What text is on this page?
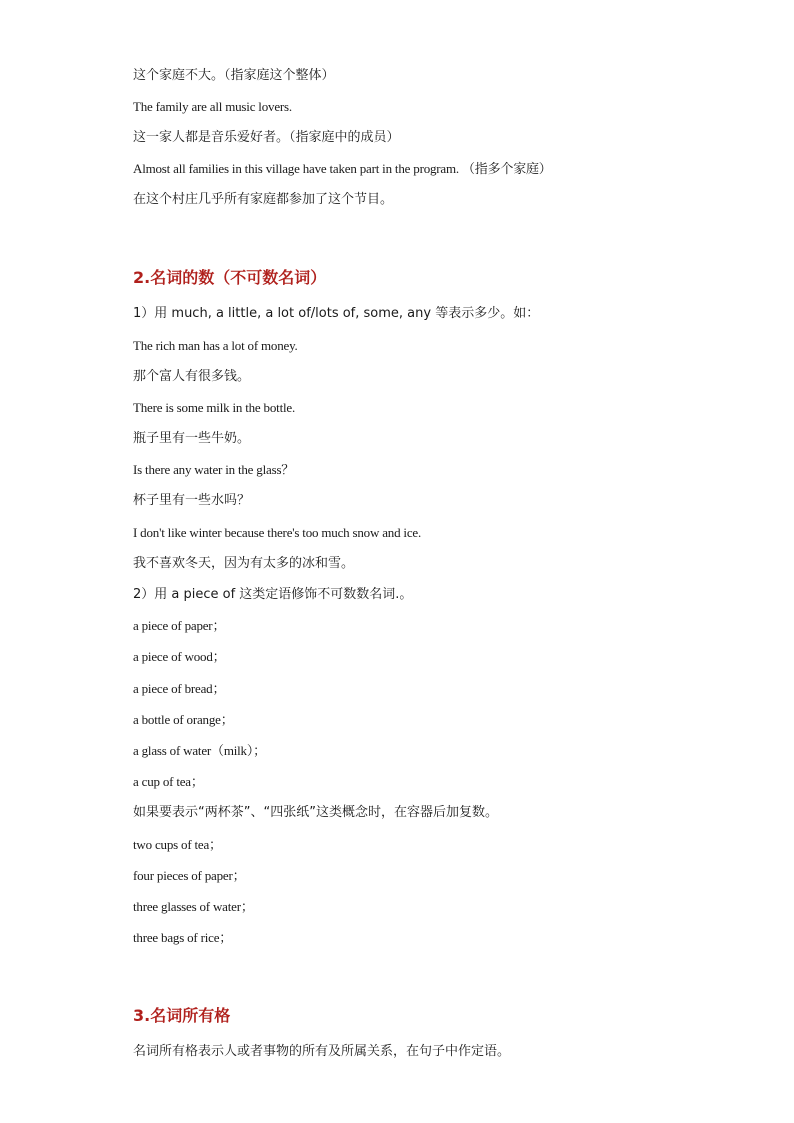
这个家庭不大。（指家庭这个整体）
The family are all music lovers.
这一家人都是音乐爱好者。（指家庭中的成员）
Almost all families in this village have taken part in the program. （指多个家庭）
在这个村庄几乎所有家庭都参加了这个节目。
2.名词的数（不可数名词）
1）用 much, a little, a lot of/lots of, some, any 等表示多少。如：
The rich man has a lot of money.
那个富人有很多钱。
There is some milk in the bottle.
瓶子里有一些牛奶。
Is there any water in the glass？
杯子里有一些水吗？
I don't like winter because there's too much snow and ice.
我不喜欢冬天，因为有太多的冰和雪。
2）用 a piece of 这类定语修饰不可数数名词.。
a piece of paper；
a piece of wood；
a piece of bread；
a bottle of orange；
a glass of water（milk）；
a cup of tea；
如果要表示“两杯茶”、“四张纸”这类概念时，在容器后加复数。
two cups of tea；
four pieces of paper；
three glasses of water；
three bags of rice；
3.名词所有格
名词所有格表示人或者事物的所有及所属关系，在句子中作定语。
